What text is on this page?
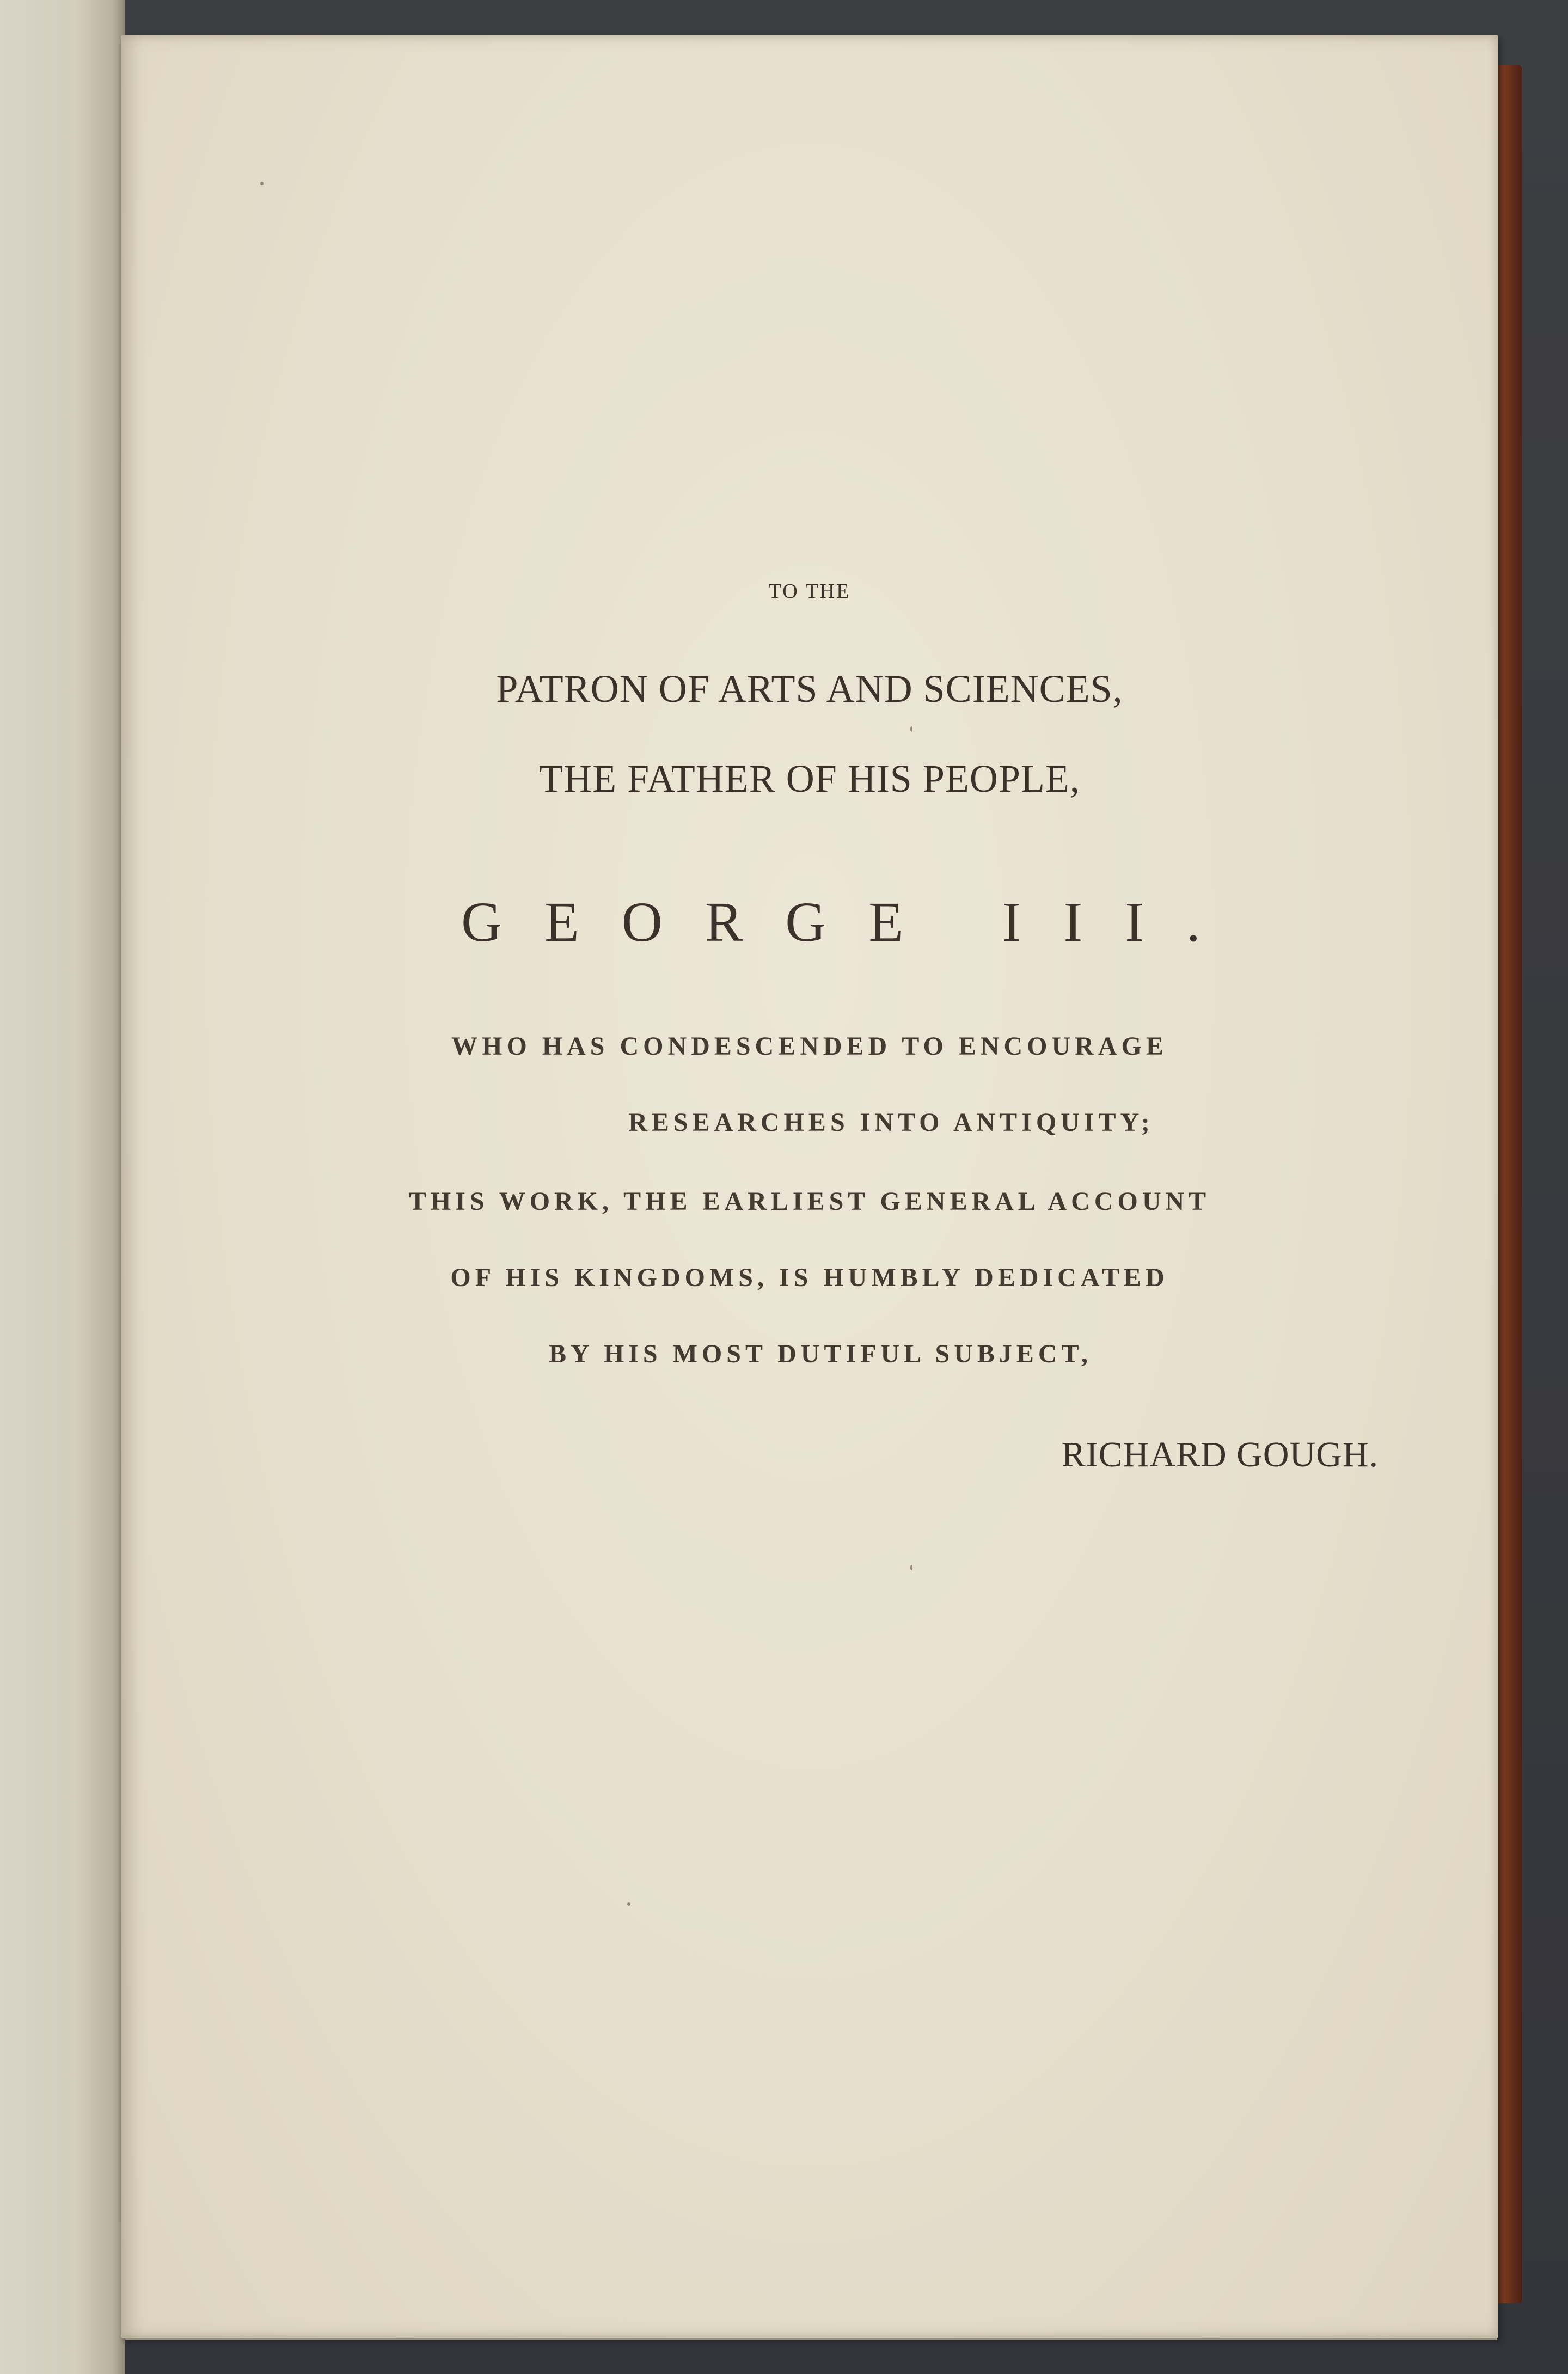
TO THE

PATRON OF ARTS AND SCIENCES,

THE FATHER OF HIS PEOPLE,

GEORGE III.

WHO HAS CONDESCENDED TO ENCOURAGE

RESEARCHES INTO ANTIQUITY;

THIS WORK, THE EARLIEST GENERAL ACCOUNT

OF HIS KINGDOMS, IS HUMBLY DEDICATED

BY HIS MOST DUTIFUL SUBJECT,

RICHARD GOUGH.
